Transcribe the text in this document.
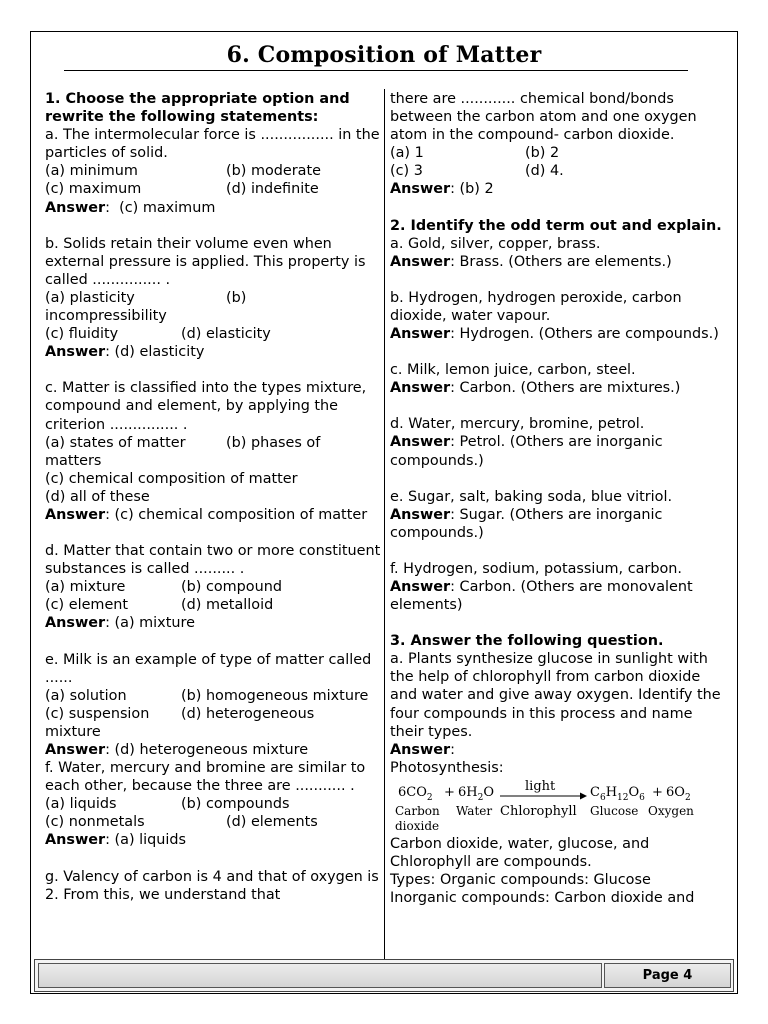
6. Composition of Matter

1. Choose the appropriate option and rewrite the following statements:

a. The intermolecular force is ................ in the particles of solid.

(a) minimum	(b) moderate
(c) maximum	(d) indefinite

Answer:  (c) maximum

b. Solids retain their volume even when external pressure is applied. This property is called ............... .

(a) plasticity	(b)

incompressibility

(c) fluidity	(d) elasticity

Answer: (d) elasticity

c. Matter is classified into the types mixture, compound and element, by applying the criterion ............... .

(a) states of matter	(b) phases of

matters

(c) chemical composition of matter

(d) all of these

Answer: (c) chemical composition of matter

d. Matter that contain two or more constituent substances is called ......... .

(a) mixture	(b) compound
(c) element	(d) metalloid

Answer: (a) mixture

e. Milk is an example of type of matter called ......

(a) solution	(b) homogeneous mixture
(c) suspension	(d) heterogeneous

mixture

Answer: (d) heterogeneous mixture

f. Water, mercury and bromine are similar to each other, because the three are ........... .

(a) liquids	(b) compounds
(c) nonmetals	(d) elements

Answer: (a) liquids

g. Valency of carbon is 4 and that of oxygen is 2. From this, we understand that

there are ............ chemical bond/bonds between the carbon atom and one oxygen atom in the compound- carbon dioxide.

(a) 1	(b) 2
(c) 3	(d) 4.

Answer: (b) 2

2. Identify the odd term out and explain.

a. Gold, silver, copper, brass.

Answer: Brass. (Others are elements.)

b. Hydrogen, hydrogen peroxide, carbon dioxide, water vapour.

Answer: Hydrogen. (Others are compounds.)

c. Milk, lemon juice, carbon, steel.

Answer: Carbon. (Others are mixtures.)

d. Water, mercury, bromine, petrol.

Answer: Petrol. (Others are inorganic compounds.)

e. Sugar, salt, baking soda, blue vitriol.

Answer: Sugar. (Others are inorganic compounds.)

f. Hydrogen, sodium, potassium, carbon.

Answer: Carbon. (Others are monovalent elements)

3. Answer the following question.

a. Plants synthesize glucose in sunlight with the help of chlorophyll from carbon dioxide and water and give away oxygen. Identify the four compounds in this process and name their types.

Answer:

Photosynthesis:

$6CO_2 + 6H_2O$ light	$C_6H_{12}O_6 + 6O_2$
Carbon
dioxide
Water Chlorophyll Glucose Oxygen

Carbon dioxide, water, glucose, and Chlorophyll are compounds.

Types: Organic compounds: Glucose

Inorganic compounds: Carbon dioxide and

Page 4
